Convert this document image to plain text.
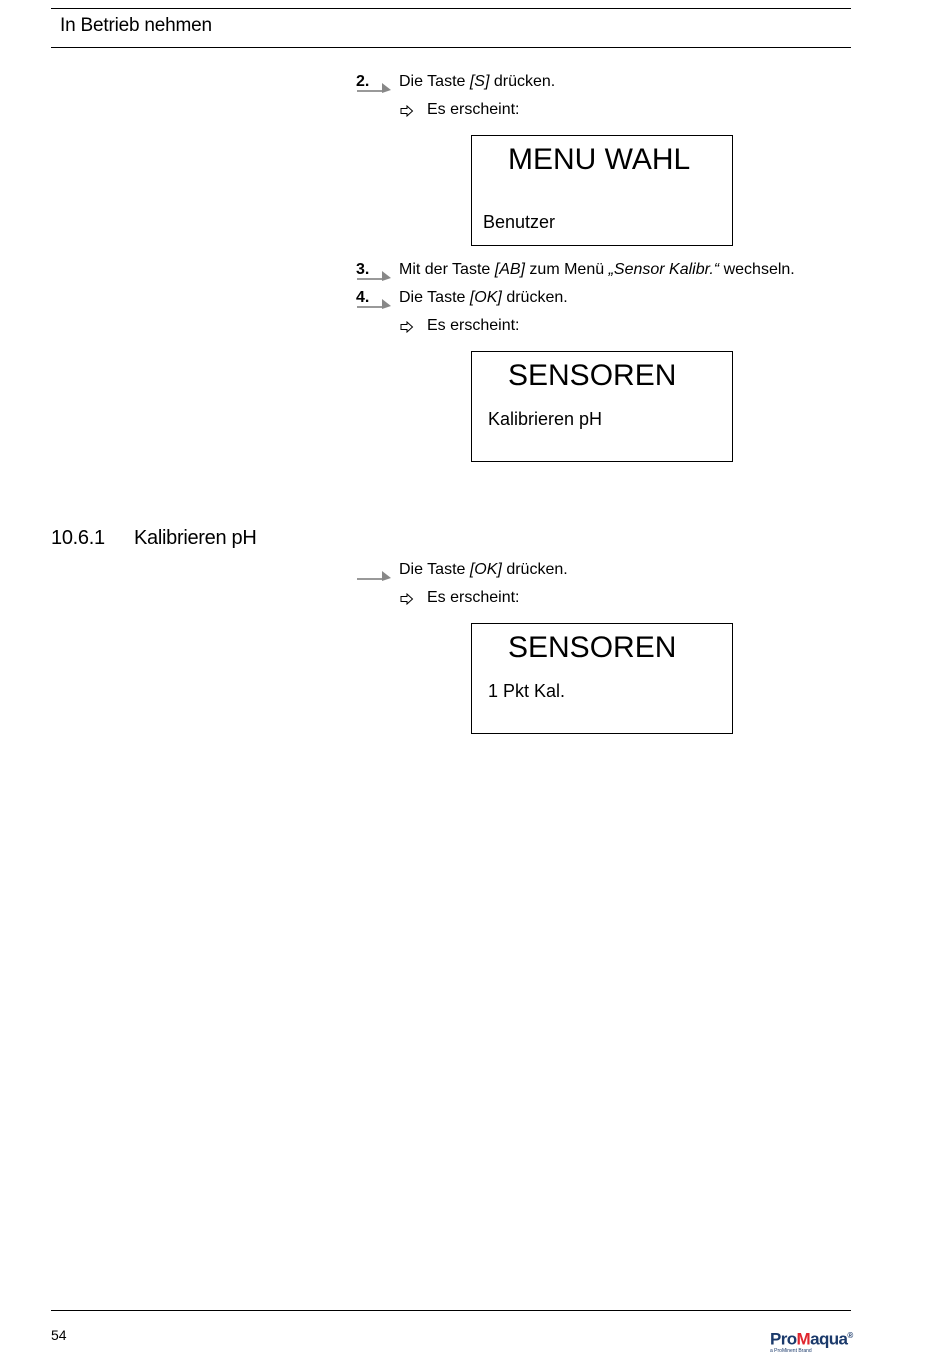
In Betrieb nehmen
2. Die Taste [S] drücken.
Es erscheint:
MENU WAHL
Benutzer
3. Mit der Taste [AB] zum Menü „Sensor Kalibr.“ wechseln.
4. Die Taste [OK] drücken.
Es erscheint:
SENSOREN
Kalibrieren pH
10.6.1 Kalibrieren pH
Die Taste [OK] drücken.
Es erscheint:
SENSOREN
1 Pkt Kal.
54	ProMaqua®
a ProMinent Brand
